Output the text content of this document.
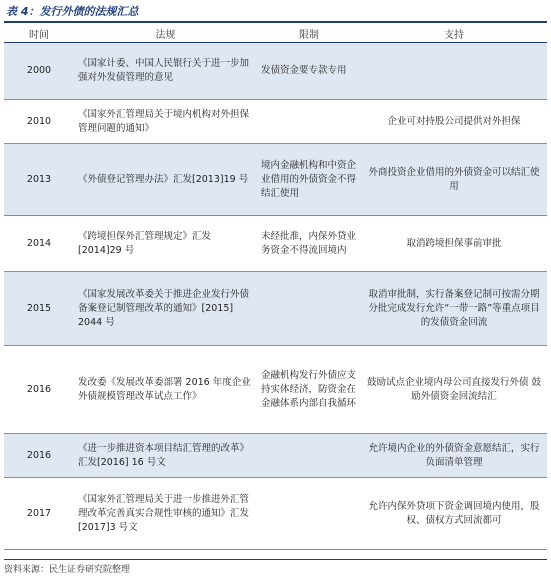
表 4：发行外债的法规汇总
时间	法规	限制	支持
2000	《国家计委、中国人民银行关于进一步加强对外发债管理的意见	发债资金要专款专用	
2010	《国家外汇管理局关于境内机构对外担保管理问题的通知》		企业可对持股公司提供对外担保
2013	《外债登记管理办法》汇发[2013]19 号	境内金融机构和中资企业借用的外债资金不得结汇使用	外商投资企业借用的外债资金可以结汇使用
2014	《跨境担保外汇管理规定》汇发[2014]29 号	未经批准，内保外贷业务资金不得流回境内	取消跨境担保事前审批
2015	《国家发展改革委关于推进企业发行外债备案登记制管理改革的通知》[2015] 2044 号		取消审批制，实行备案登记制可按需分期分批完成发行允许“一带一路”等重点项目的发债资金回流
2016	发改委《发展改革委部署 2016 年度企业外债规模管理改革试点工作》	金融机构发行外债应支持实体经济，防资金在金融体系内部自我循环	鼓励试点企业境内母公司直接发行外债 鼓励外债资金回流结汇
2016	《进一步推进资本项目结汇管理的改革》汇发[2016] 16 号文		允许境内企业的外债资金意愿结汇，实行负面清单管理
2017	《国家外汇管理局关于进一步推进外汇管理改革完善真实合规性审核的通知》汇发[2017]3 号文		允许内保外贷项下资金调回境内使用，股权、债权方式回流都可
资料来源：民生证券研究院整理
